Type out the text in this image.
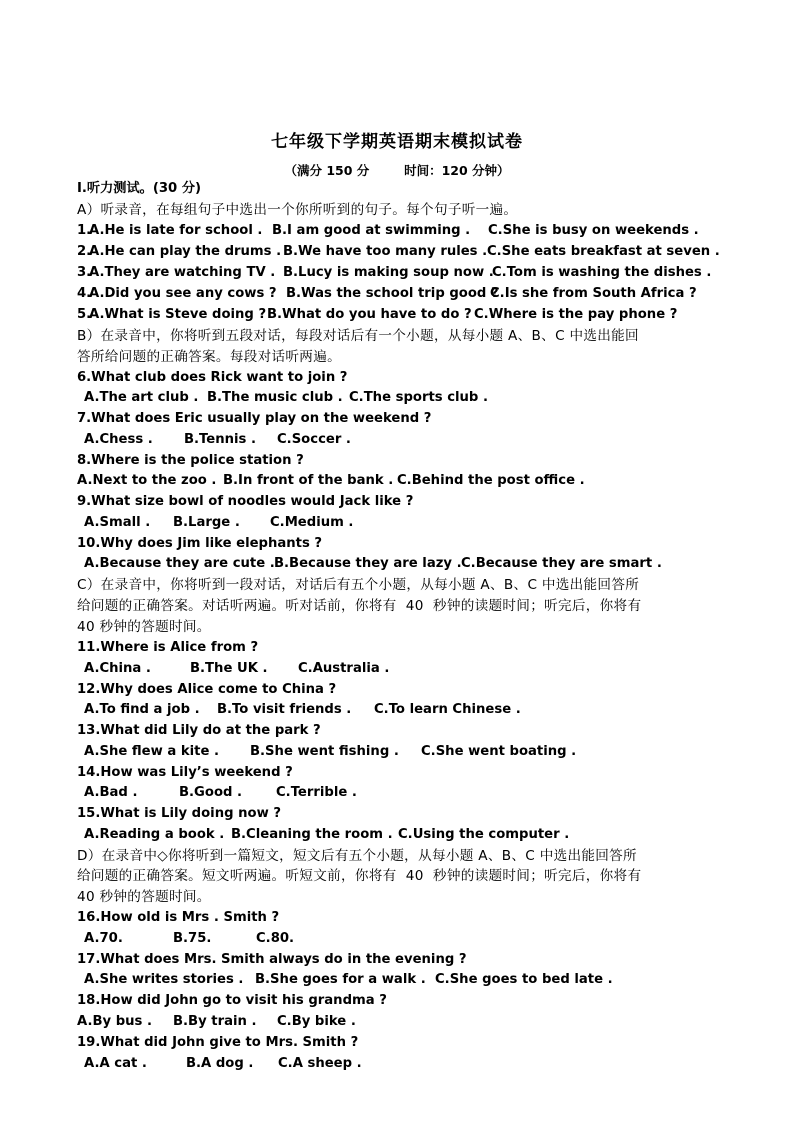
七年级下学期英语期末模拟试卷
（满分 150 分        时间：120 分钟）
I.听力测试。(30 分)
A）听录音，在每组句子中选出一个你所听到的句子。每个句子听一遍。
1.
A.He is late for school . B.I am good at swimming . C.She is busy on weekends .
2.
A.He can play the drums . B.We have too many rules . C.She eats breakfast at seven .
3.
A.They are watching TV . B.Lucy is making soup now .
C.Tom is washing the dishes .
4.
A.Did you see any cows ? B.Was the school trip good ?
C.Is she from South Africa ?
5.
A.What is Steve doing ? B.What do you have to do ? C.Where is the pay phone ?
B）在录音中，你将听到五段对话，每段对话后有一个小题，从每小题 A、B、C 中选出能回
答所给问题的正确答案。每段对话听两遍。
6.What club does Rick want to join ?
A.The art club . B.The music club . C.The sports club .
7.What does Eric usually play on the weekend ?
A.Chess . B.Tennis . C.Soccer .
8.Where is the police station ?
A.Next to the zoo . B.In front of the bank . C.Behind the post office .
9.What size bowl of noodles would Jack like ?
A.Small . B.Large . C.Medium .
10.Why does Jim like elephants ?
A.Because they are cute . B.Because they are lazy . C.Because they are smart .
C）在录音中，你将听到一段对话，对话后有五个小题，从每小题 A、B、C 中选出能回答所
给问题的正确答案。对话听两遍。听对话前，你将有  40  秒钟的读题时间；听完后，你将有
40 秒钟的答题时间。
11.Where is Alice from ?
A.China .	B.The UK . C.Australia .
12.Why does Alice come to China ?
A.To find a job . B.To visit friends . C.To learn Chinese .
13.What did Lily do at the park ?
A.She flew a kite . B.She went fishing . C.She went boating .
14.How was Lily’s weekend ?
A.Bad .	B.Good .	C.Terrible .
15.What is Lily doing now ?
A.Reading a book . B.Cleaning the room . C.Using the computer .
D）在录音中◇你将听到一篇短文，短文后有五个小题，从每小题 A、B、C 中选出能回答所
给问题的正确答案。短文听两遍。听短文前，你将有  40  秒钟的读题时间；听完后，你将有
40 秒钟的答题时间。
16.How old is Mrs . Smith ?
A.70.	B.75.	C.80.
17.What does Mrs. Smith always do in the evening ?
A.She writes stories . B.She goes for a walk . C.She goes to bed late .
18.How did John go to visit his grandma ?
A.By bus . B.By train . C.By bike .
19.What did John give to Mrs. Smith ?
A.A cat .	B.A dog . C.A sheep .
